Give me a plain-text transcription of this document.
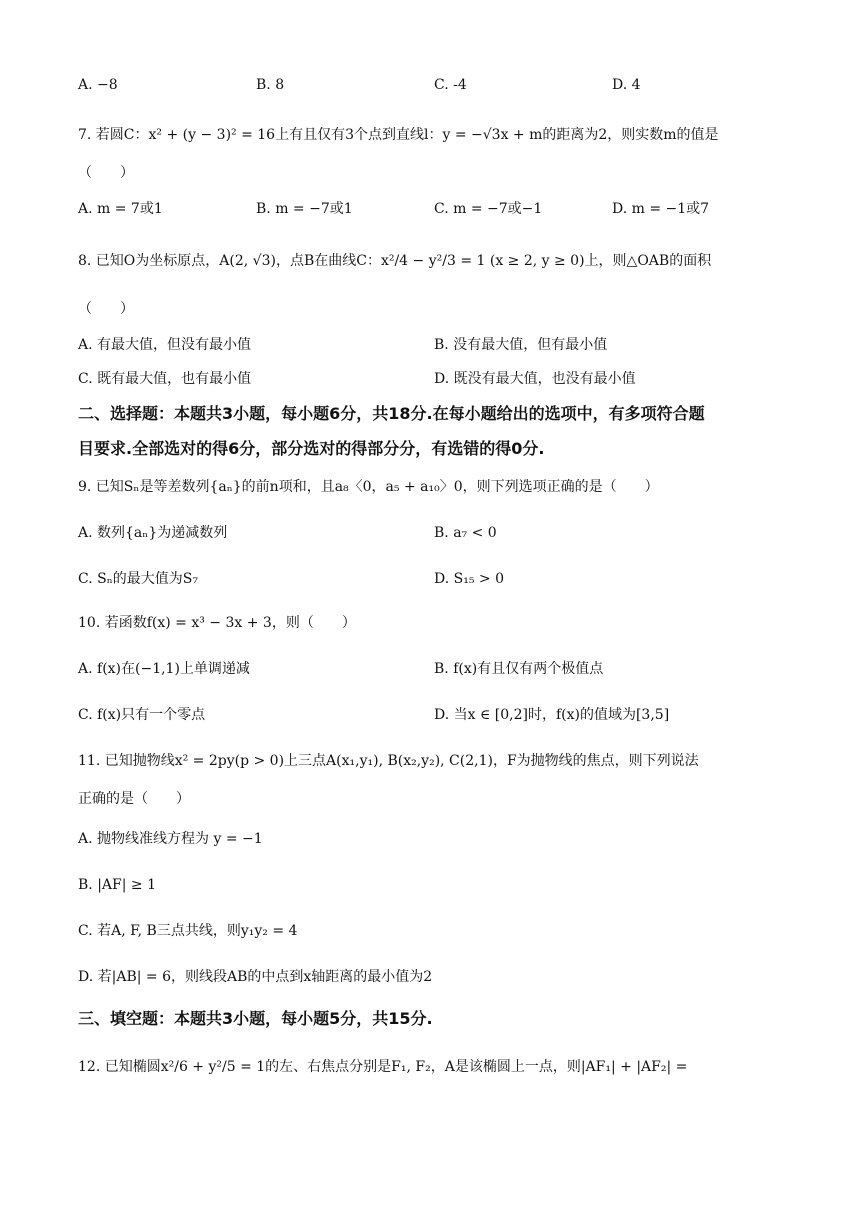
A. −8	B. 8	C. -4	D. 4
7. 若圆C：x² + (y − 3)² = 16上有且仅有3个点到直线l：y = −√3x + m的距离为2，则实数m的值是
（　　）
A. m = 7或1	B. m = −7或1	C. m = −7或−1	D. m = −1或7
8. 已知O为坐标原点，A(2, √3)，点B在曲线C：x²/4 − y²/3 = 1 (x ≥ 2, y ≥ 0)上，则△OAB的面积
（　　）
A. 有最大值，但没有最小值	B. 没有最大值，但有最小值
C. 既有最大值，也有最小值	D. 既没有最大值，也没有最小值
二、选择题：本题共3小题，每小题6分，共18分.在每小题给出的选项中，有多项符合题
目要求.全部选对的得6分，部分选对的得部分分，有选错的得0分.
9. 已知Sₙ是等差数列{aₙ}的前n项和，且a₈〈0，a₅ + a₁₀〉0，则下列选项正确的是（　　）
A. 数列{aₙ}为递减数列	B. a₇ < 0
C. Sₙ的最大值为S₇	D. S₁₅ > 0
10. 若函数f(x) = x³ − 3x + 3，则（　　）
A. f(x)在(−1,1)上单调递减	B. f(x)有且仅有两个极值点
C. f(x)只有一个零点	D. 当x ∈ [0,2]时，f(x)的值域为[3,5]
11. 已知抛物线x² = 2py(p > 0)上三点A(x₁,y₁), B(x₂,y₂), C(2,1)，F为抛物线的焦点，则下列说法
正确的是（　　）
A. 抛物线准线方程为 y = −1
B. |AF| ≥ 1
C. 若A, F, B三点共线，则y₁y₂ = 4
D. 若|AB| = 6，则线段AB的中点到x轴距离的最小值为2
三、填空题：本题共3小题，每小题5分，共15分.
12. 已知椭圆x²/6 + y²/5 = 1的左、右焦点分别是F₁, F₂，A是该椭圆上一点，则|AF₁| + |AF₂| =
